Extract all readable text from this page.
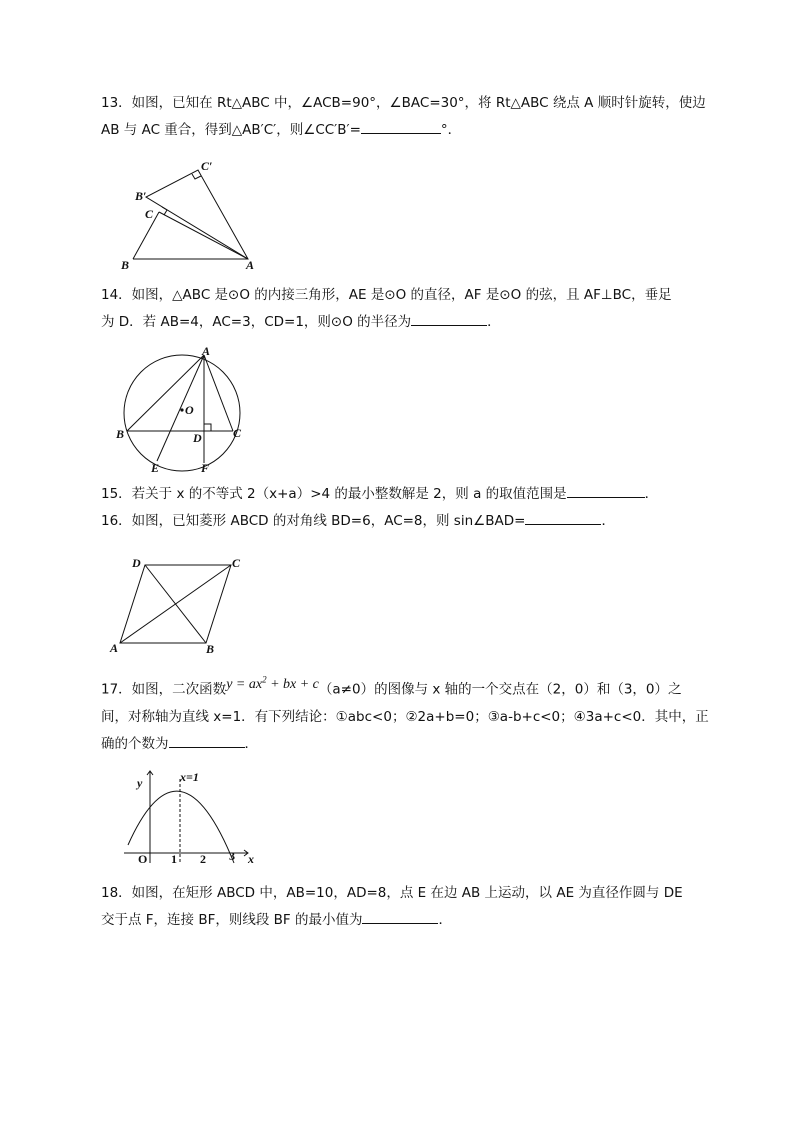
13．如图，已知在 Rt△ABC 中，∠ACB=90°，∠BAC=30°，将 Rt△ABC 绕点 A 顺时针旋转，使边
AB 与 AC 重合，得到△AB′C′，则∠CC′B′=	°．
B	A
C
B′
C′
14．如图，△ABC 是⊙O 的内接三角形，AE 是⊙O 的直径，AF 是⊙O 的弦，且 AF⊥BC，垂足
为 D．若 AB=4，AC=3，CD=1，则⊙O 的半径为	．
A
O
B	D	C
E	F
15．若关于 x 的不等式 2（x+a）>4 的最小整数解是 2，则 a 的取值范围是	．
16．如图，已知菱形 ABCD 的对角线 BD=6，AC=8，则 sin∠BAD=	．
D	C
A	B
17．如图，二次函数$y = ax^2$ + bx + c（a≠0）的图像与 x 轴的一个交点在（2，0）和（3，0）之
间，对称轴为直线 x=1．有下列结论：①abc<0；②2a+b=0；③a-b+c<0；④3a+c<0．其中，正
确的个数为	．
y	x=1
x
O 1 2 3
18．如图，在矩形 ABCD 中，AB=10，AD=8，点 E 在边 AB 上运动，以 AE 为直径作圆与 DE
交于点 F，连接 BF，则线段 BF 的最小值为	．
